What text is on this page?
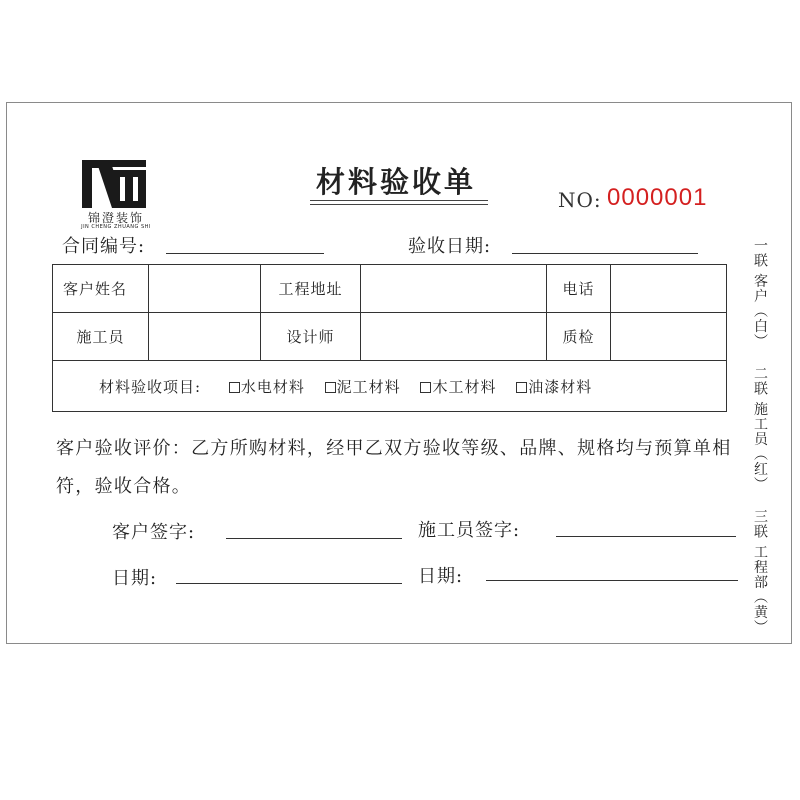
锦澄装饰
JIN CHENG ZHUANG SHI
材料验收单
NO: 0000001
合同编号:	验收日期:
客户姓名		工程地址		电话	
施工员		设计师		质检	
材料验收项目: 水电材料 泥工材料 木工材料 油漆材料					

客户验收评价：乙方所购材料，经甲乙双方验收等级、品牌、规格均与预算单相符，验收合格。

客户签字:	施工员签字:
日期:	日期:
一联 客户（白） 二联 施工员（红） 三联 工程部（黄）
